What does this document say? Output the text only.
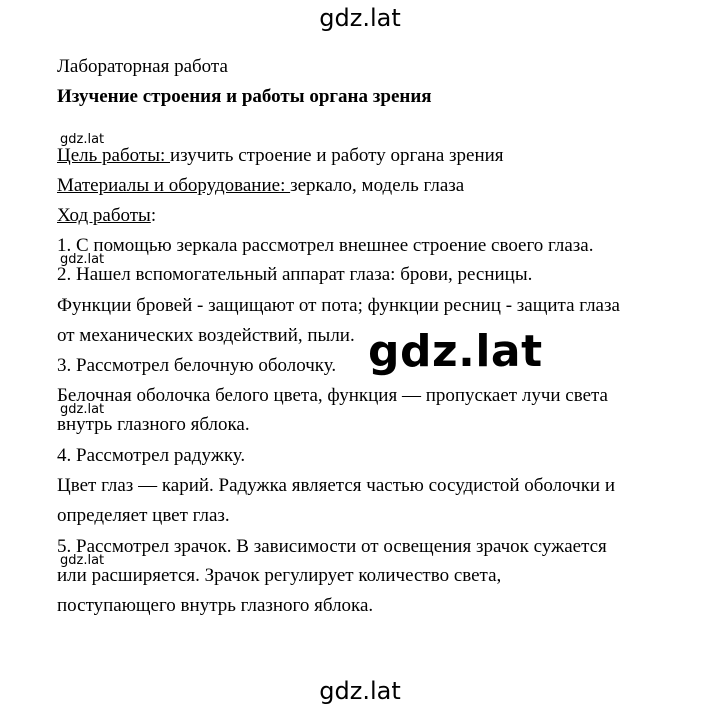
gdz.lat
Лабораторная работа
Изучение строения и работы органа зрения
gdz.lat
Цель работы: изучить строение и работу органа зрения
Материалы и оборудование: зеркало, модель глаза
Ход работы:
1. С помощью зеркала рассмотрел внешнее строение своего глаза.
gdz.lat
2. Нашел вспомогательный аппарат глаза: брови, ресницы.
Функции бровей - защищают от пота; функции ресниц - защита глаза
от механических воздействий, пыли.
3. Рассмотрел белочную оболочку. gdz.lat
Белочная оболочка белого цвета, функция — пропускает лучи света
gdz.lat
внутрь глазного яблока.
4. Рассмотрел радужку.
Цвет глаз — карий. Радужка является частью сосудистой оболочки и
определяет цвет глаз.
5. Рассмотрел зрачок. В зависимости от освещения зрачок сужается
gdz.lat
или расширяется. Зрачок регулирует количество света,
поступающего внутрь глазного яблока.
gdz.lat
